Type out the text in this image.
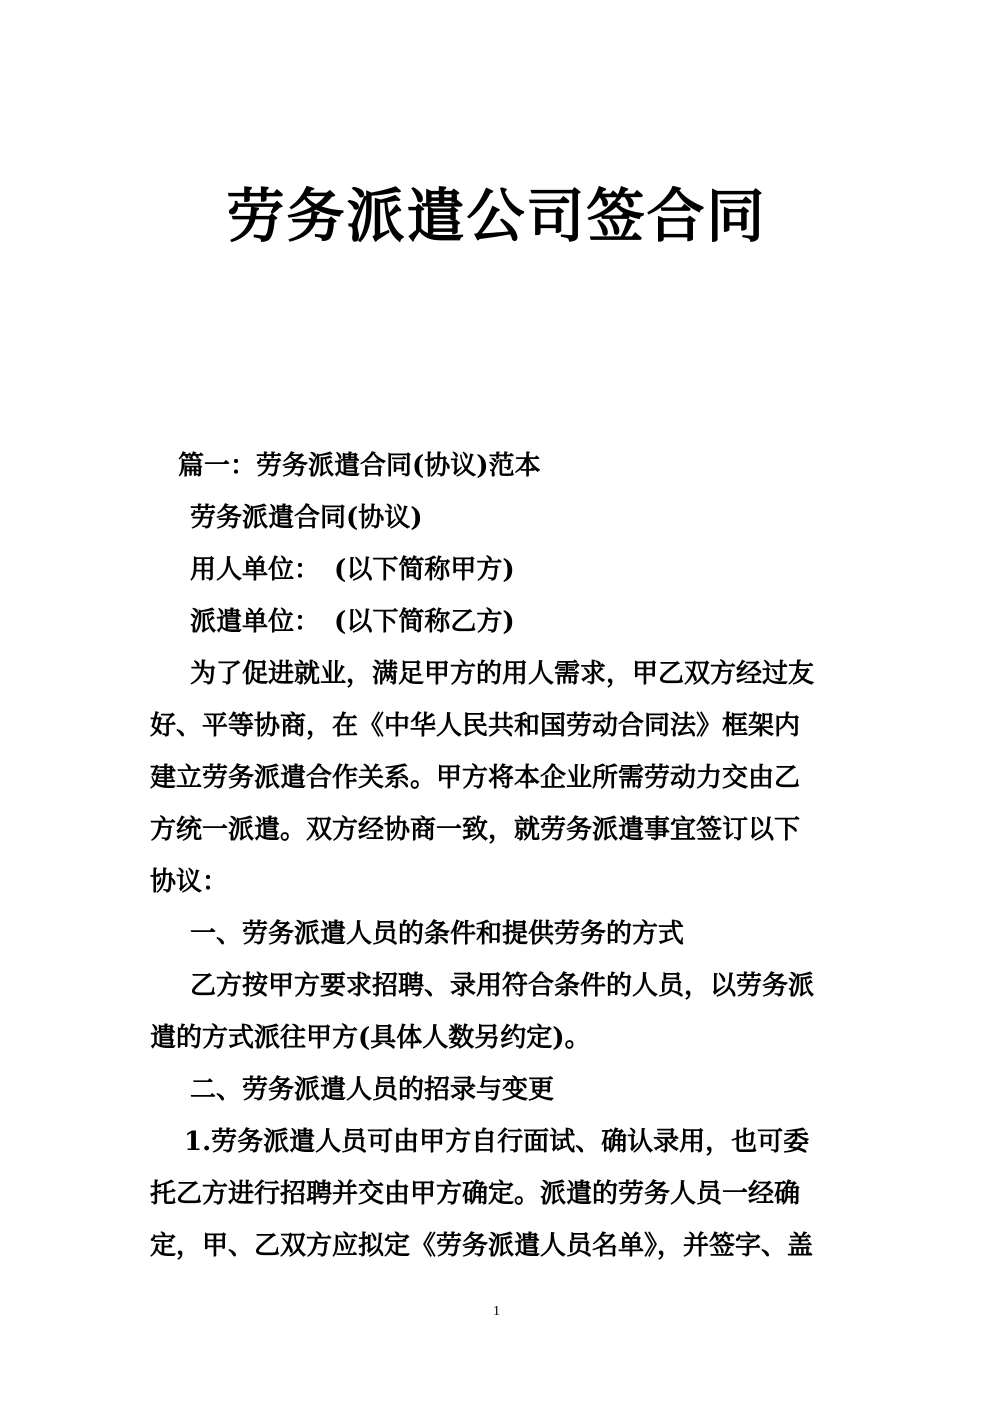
劳务派遣公司签合同
篇一：劳务派遣合同(协议)范本
劳务派遣合同(协议)
用人单位： (以下简称甲方)
派遣单位： (以下简称乙方)
为了促进就业，满足甲方的用人需求，甲乙双方经过友
好、平等协商，在《中华人民共和国劳动合同法》框架内
建立劳务派遣合作关系。甲方将本企业所需劳动力交由乙
方统一派遣。双方经协商一致，就劳务派遣事宜签订以下
协议：
一、劳务派遣人员的条件和提供劳务的方式
乙方按甲方要求招聘、录用符合条件的人员，以劳务派
遣的方式派往甲方(具体人数另约定)。
二、劳务派遣人员的招录与变更
1.劳务派遣人员可由甲方自行面试、确认录用，也可委
托乙方进行招聘并交由甲方确定。派遣的劳务人员一经确
定，甲、乙双方应拟定《劳务派遣人员名单》，并签字、盖
1
